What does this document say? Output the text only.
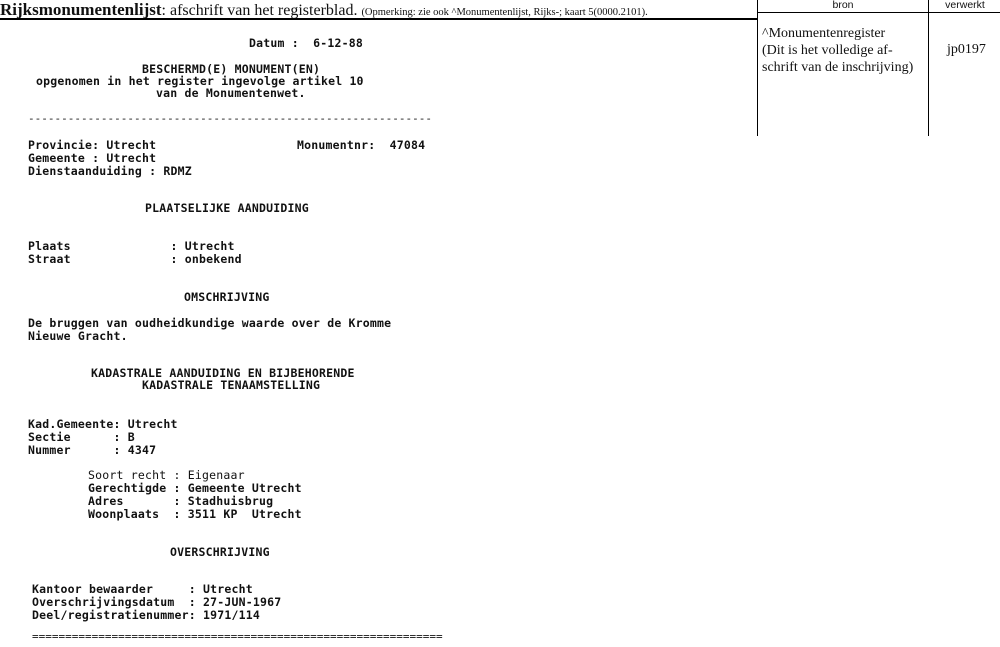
Rijksmonumentenlijst: afschrift van het registerblad. (Opmerking: zie ook ^Monumentenlijst, Rijks-; kaart 5(0000.2101).
bron	verwerkt
^Monumentenregister
(Dit is het volledige af-
schrift van de inschrijving)
jp0197
Datum :  6-12-88
BESCHERMD(E) MONUMENT(EN)
opgenomen in het register ingevolge artikel 10
van de Monumentenwet.
-------------------------------------------------------------
Provincie: Utrecht	Monumentnr:  47084
Gemeente : Utrecht
Dienstaanduiding : RDMZ
PLAATSELIJKE AANDUIDING
Plaats              : Utrecht
Straat              : onbekend
OMSCHRIJVING
De bruggen van oudheidkundige waarde over de Kromme
Nieuwe Gracht.
KADASTRALE AANDUIDING EN BIJBEHORENDE
KADASTRALE TENAAMSTELLING
Kad.Gemeente: Utrecht
Sectie      : B
Nummer      : 4347
Soort recht : Eigenaar
Gerechtigde : Gemeente Utrecht
Adres       : Stadhuisbrug
Woonplaats  : 3511 KP  Utrecht
OVERSCHRIJVING
Kantoor bewaarder     : Utrecht
Overschrijvingsdatum  : 27-JUN-1967
Deel/registratienummer: 1971/114
==============================================================
